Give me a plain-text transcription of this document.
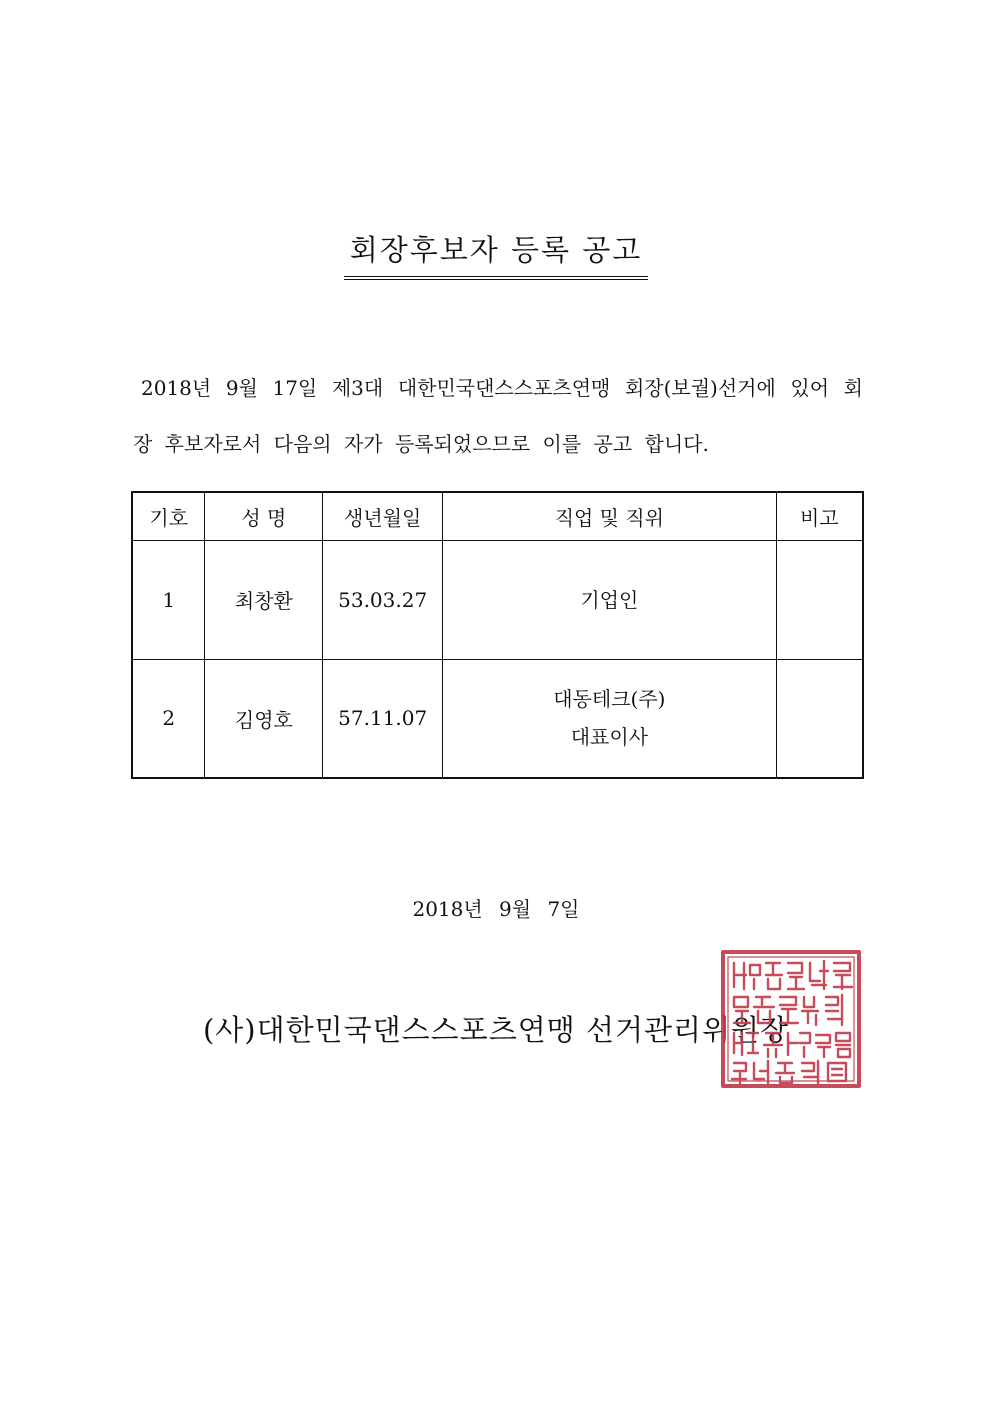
회장후보자 등록 공고

2018년 9월 17일 제3대 대한민국댄스스포츠연맹 회장(보궐)선거에 있어 회장 후보자로서 다음의 자가 등록되었으므로 이를 공고 합니다.

기호	성 명	생년월일	직업 및 직위	비고
1	최창환	53.03.27	기업인	

2	김영호	57.11.07	대동테크(주)
대표이사	

2018년 9월 7일
(사)대한민국댄스스포츠연맹 선거관리위원장
